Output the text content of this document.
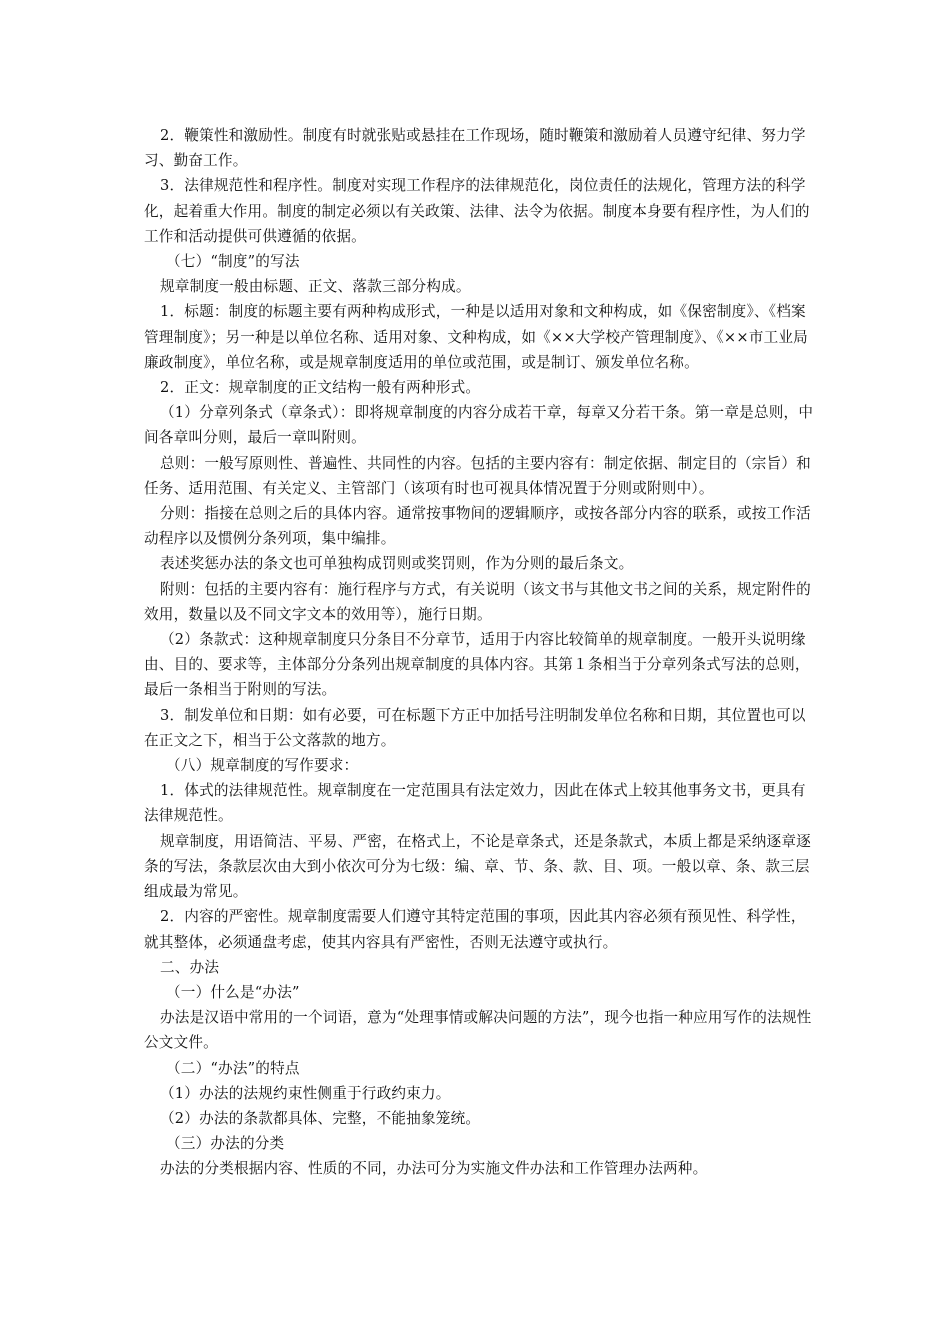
2．鞭策性和激励性。制度有时就张贴或悬挂在工作现场，随时鞭策和激励着人员遵守纪律、努力学习、勤奋工作。

3．法律规范性和程序性。制度对实现工作程序的法律规范化，岗位责任的法规化，管理方法的科学化，起着重大作用。制度的制定必须以有关政策、法律、法令为依据。制度本身要有程序性，为人们的工作和活动提供可供遵循的依据。

（七）“制度”的写法

规章制度一般由标题、正文、落款三部分构成。

1．标题：制度的标题主要有两种构成形式，一种是以适用对象和文种构成，如《保密制度》、《档案管理制度》；另一种是以单位名称、适用对象、文种构成，如《××大学校产管理制度》、《××市工业局廉政制度》，单位名称，或是规章制度适用的单位或范围，或是制订、颁发单位名称。

2．正文：规章制度的正文结构一般有两种形式。

（1）分章列条式（章条式）：即将规章制度的内容分成若干章，每章又分若干条。第一章是总则，中间各章叫分则，最后一章叫附则。

总则：一般写原则性、普遍性、共同性的内容。包括的主要内容有：制定依据、制定目的（宗旨）和任务、适用范围、有关定义、主管部门（该项有时也可视具体情况置于分则或附则中）。

分则：指接在总则之后的具体内容。通常按事物间的逻辑顺序，或按各部分内容的联系，或按工作活动程序以及惯例分条列项，集中编排。

表述奖惩办法的条文也可单独构成罚则或奖罚则，作为分则的最后条文。

附则：包括的主要内容有：施行程序与方式，有关说明（该文书与其他文书之间的关系，规定附件的效用，数量以及不同文字文本的效用等），施行日期。

（2）条款式：这种规章制度只分条目不分章节，适用于内容比较简单的规章制度。一般开头说明缘由、目的、要求等，主体部分分条列出规章制度的具体内容。其第１条相当于分章列条式写法的总则，最后一条相当于附则的写法。

3．制发单位和日期：如有必要，可在标题下方正中加括号注明制发单位名称和日期，其位置也可以在正文之下，相当于公文落款的地方。

（八）规章制度的写作要求：

1．体式的法律规范性。规章制度在一定范围具有法定效力，因此在体式上较其他事务文书，更具有法律规范性。

规章制度，用语简洁、平易、严密，在格式上，不论是章条式，还是条款式，本质上都是采纳逐章逐条的写法，条款层次由大到小依次可分为七级：编、章、节、条、款、目、项。一般以章、条、款三层组成最为常见。

2．内容的严密性。规章制度需要人们遵守其特定范围的事项，因此其内容必须有预见性、科学性，就其整体，必须通盘考虑，使其内容具有严密性，否则无法遵守或执行。

二、办法

（一）什么是“办法”

办法是汉语中常用的一个词语，意为“处理事情或解决问题的方法”，现今也指一种应用写作的法规性公文文件。

（二）“办法”的特点

（1）办法的法规约束性侧重于行政约束力。

（2）办法的条款都具体、完整，不能抽象笼统。

（三）办法的分类

办法的分类根据内容、性质的不同，办法可分为实施文件办法和工作管理办法两种。
